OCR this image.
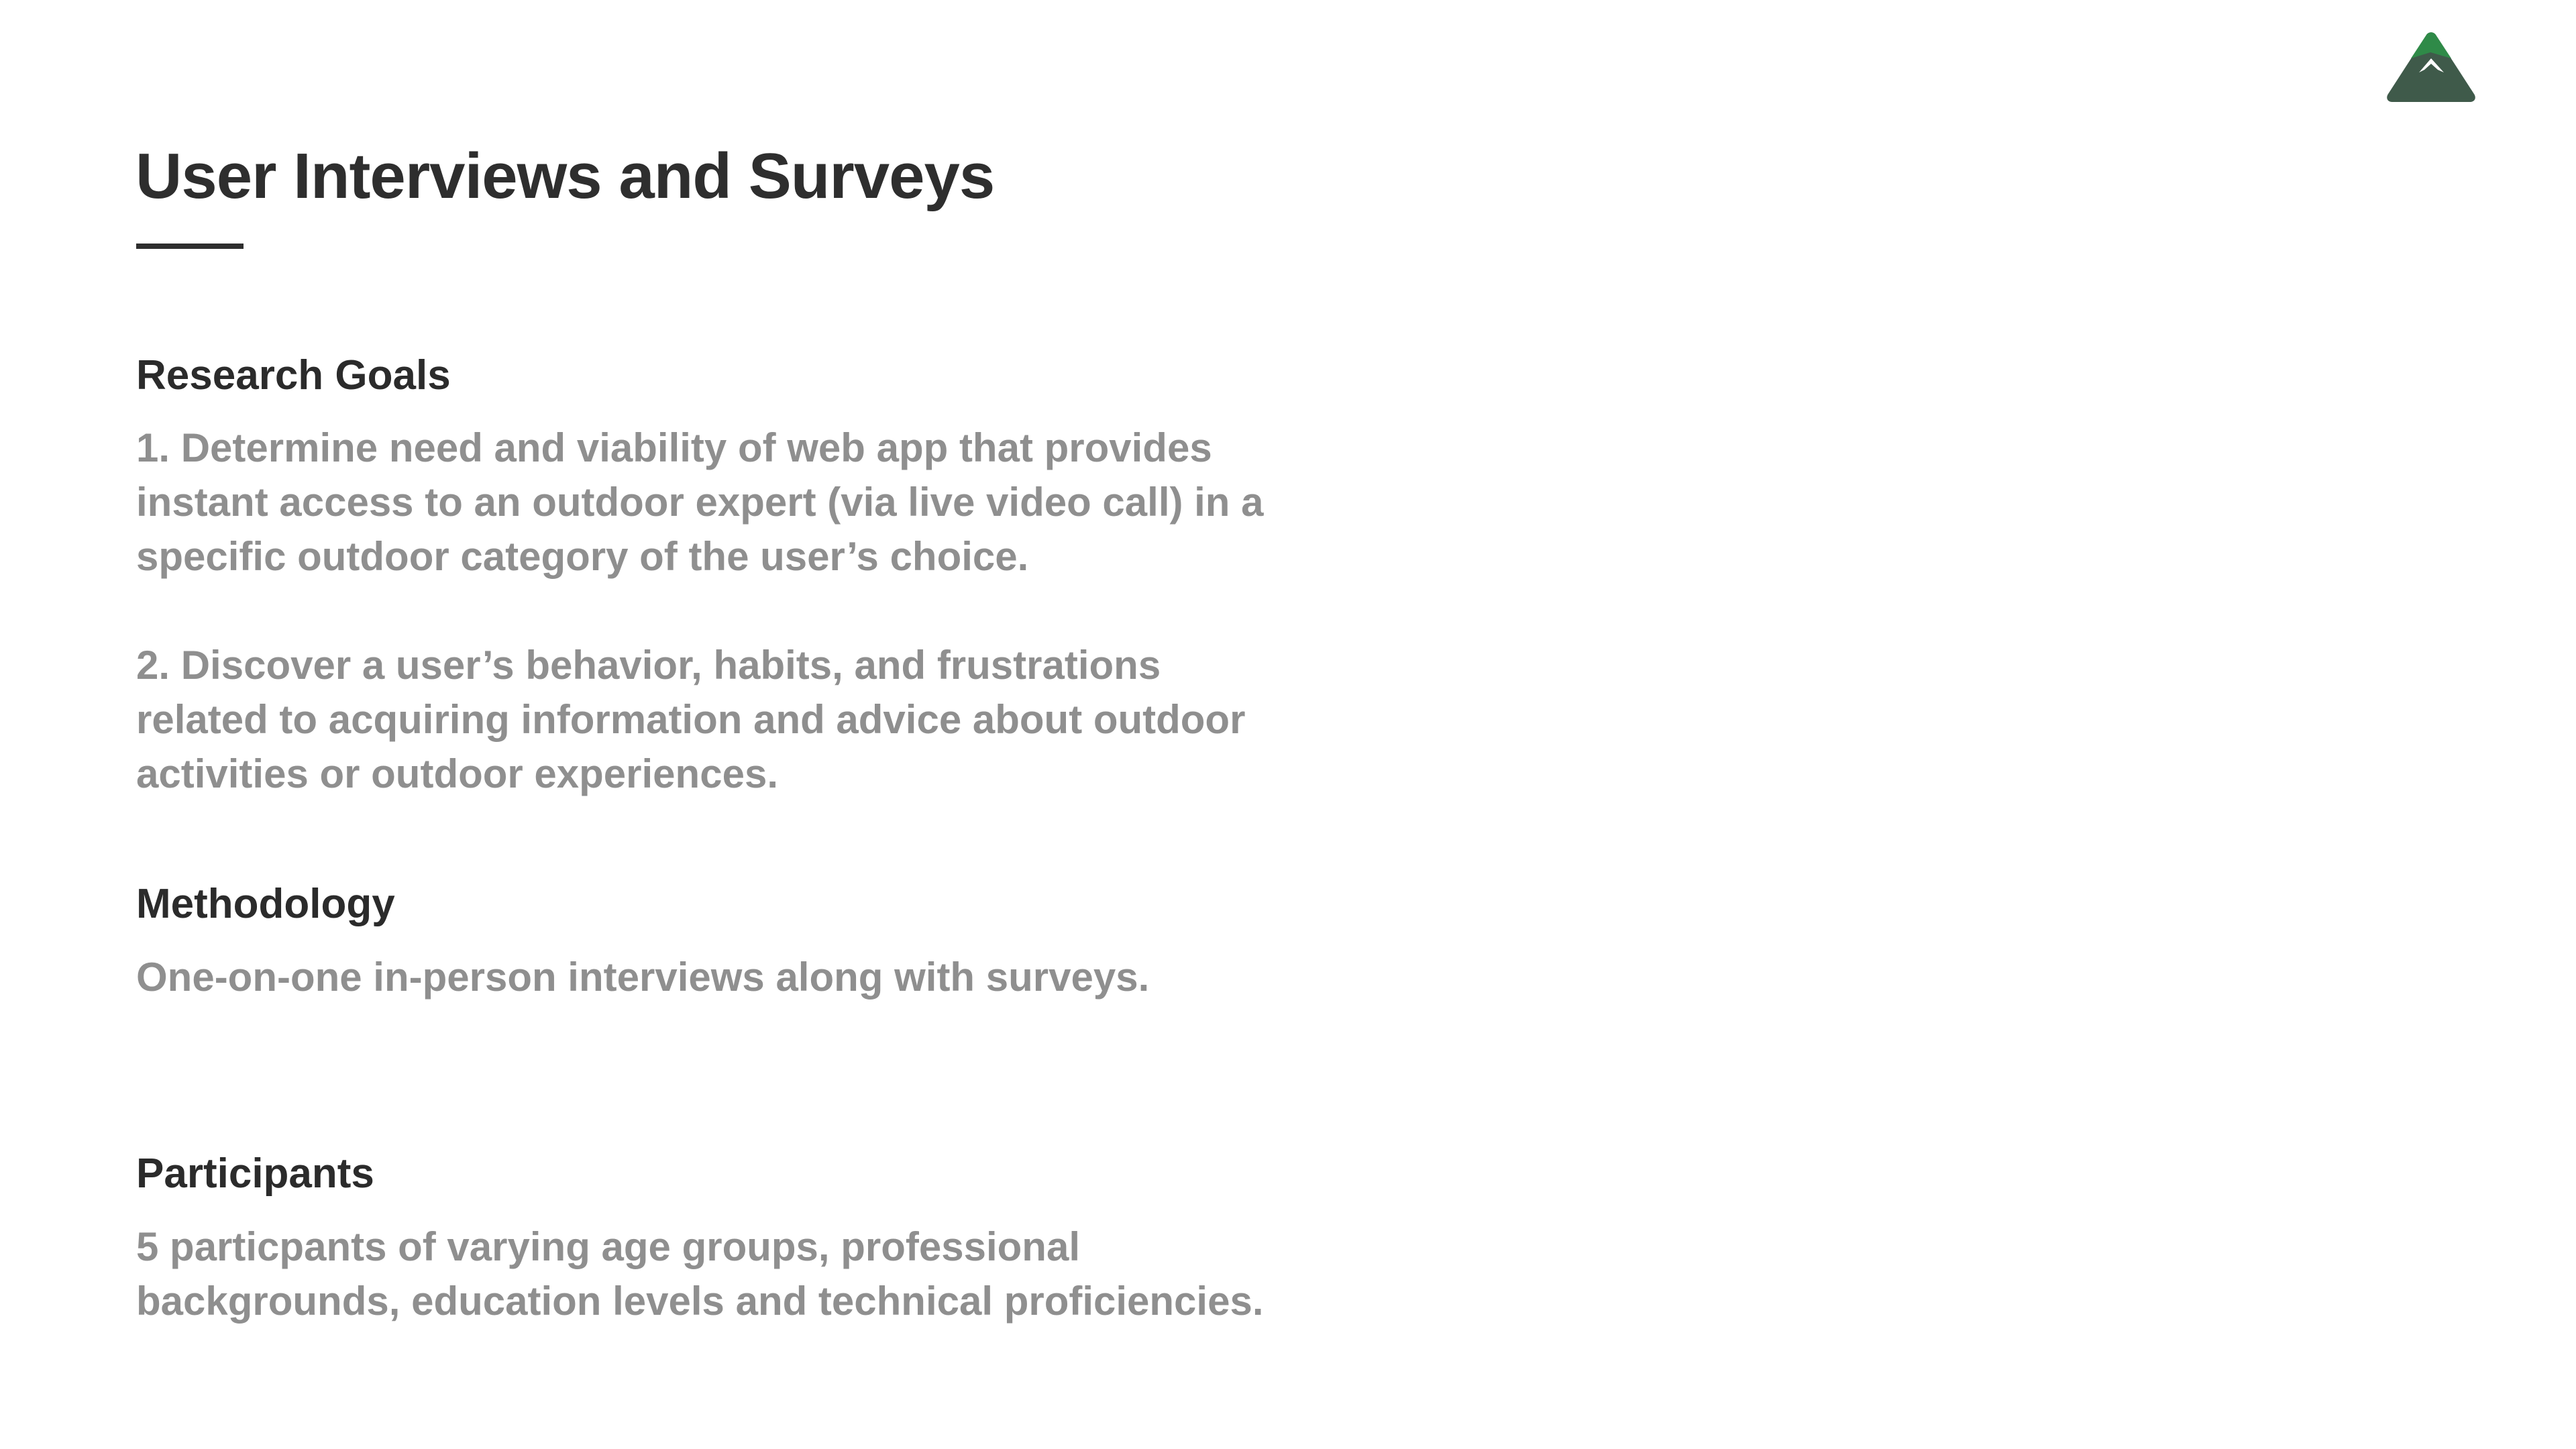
User Interviews and Surveys
Research Goals

1. Determine need and viability of web app that provides
instant access to an outdoor expert (via live video call) in a
specific outdoor category of the user’s choice.

2. Discover a user’s behavior, habits, and frustrations
related to acquiring information and advice about outdoor
activities or outdoor experiences.

Methodology

One-on-one in-person interviews along with surveys.

Participants

5 particpants of varying age groups, professional
backgrounds, education levels and technical proficiencies.
